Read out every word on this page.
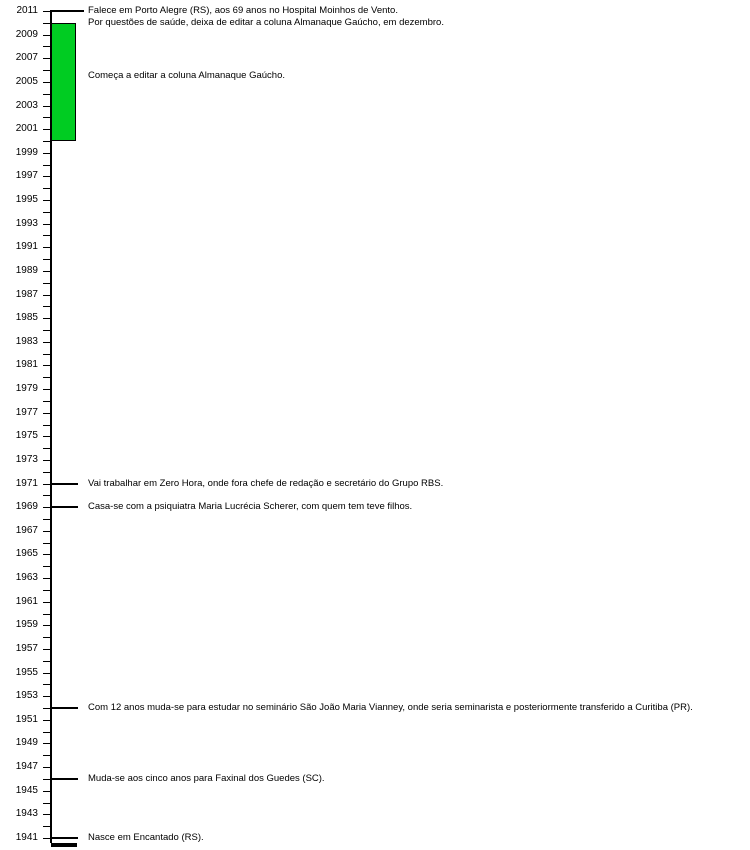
2011
2009
2007
2005
2003
2001
1999
1997
1995
1993
1991
1989
1987
1985
1983
1981
1979
1977
1975
1973
1971
1969
1967
1965
1963
1961
1959
1957
1955
1953
1951
1949
1947
1945
1943
1941
Falece em Porto Alegre (RS), aos 69 anos no Hospital Moinhos de Vento.
Por questões de saúde, deixa de editar a coluna Almanaque Gaúcho, em dezembro.
Começa a editar a coluna Almanaque Gaúcho.
Vai trabalhar em Zero Hora, onde fora chefe de redação e secretário do Grupo RBS.
Casa-se com a psiquiatra Maria Lucrécia Scherer, com quem tem teve filhos.
Com 12 anos muda-se para estudar no seminário São João Maria Vianney, onde seria seminarista e posteriormente transferido a Curitiba (PR).
Muda-se aos cinco anos para Faxinal dos Guedes (SC).
Nasce em Encantado (RS).
